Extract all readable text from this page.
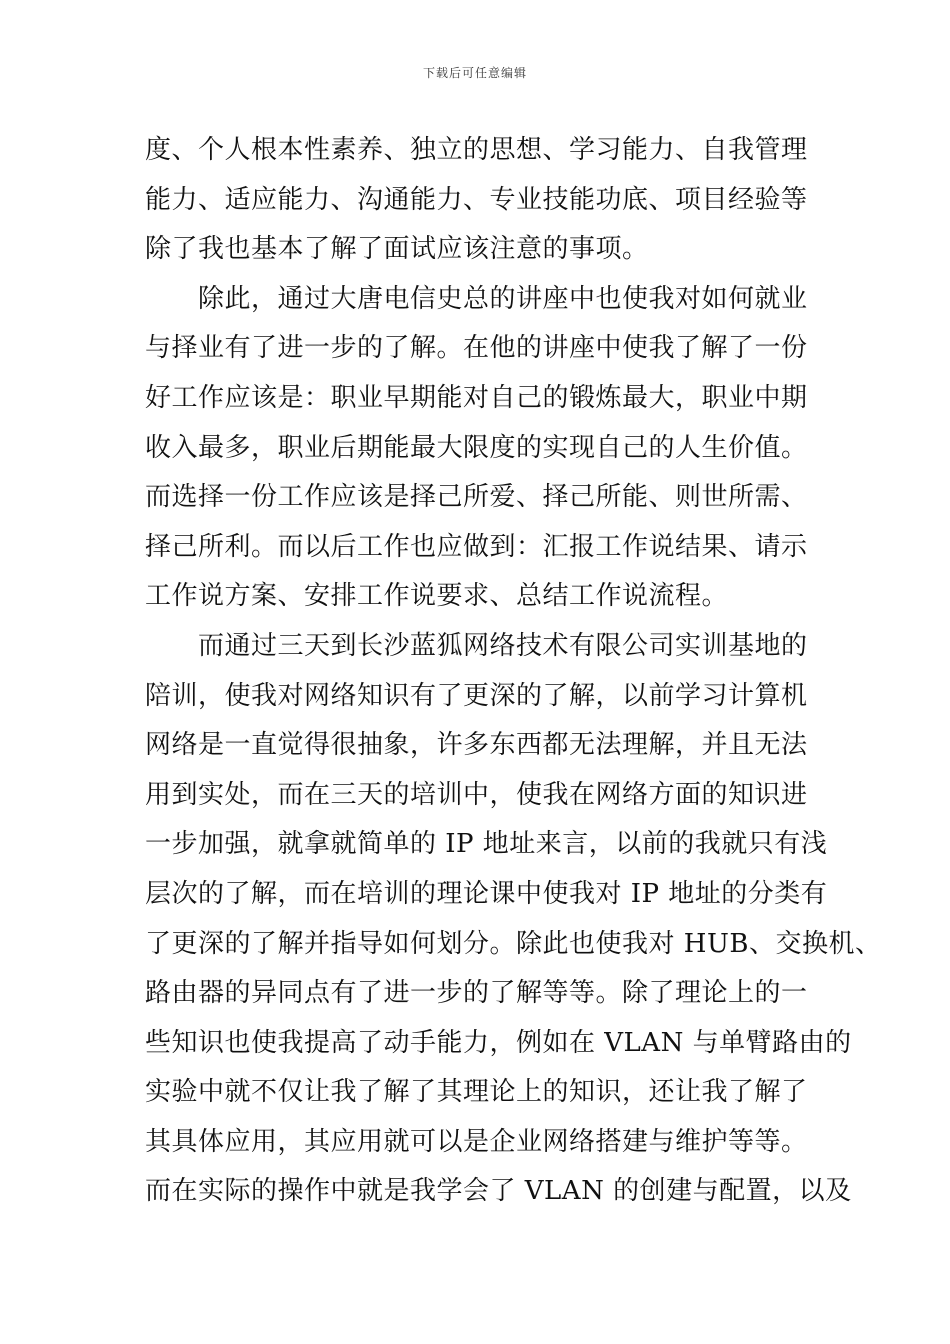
下载后可任意编辑
度、个人根本性素养、独立的思想、学习能力、自我管理
能力、适应能力、沟通能力、专业技能功底、项目经验等
除了我也基本了解了面试应该注意的事项。
　　除此，通过大唐电信史总的讲座中也使我对如何就业
与择业有了进一步的了解。在他的讲座中使我了解了一份
好工作应该是：职业早期能对自己的锻炼最大，职业中期
收入最多，职业后期能最大限度的实现自己的人生价值。
而选择一份工作应该是择己所爱、择己所能、则世所需、
择己所利。而以后工作也应做到：汇报工作说结果、请示
工作说方案、安排工作说要求、总结工作说流程。
　　而通过三天到长沙蓝狐网络技术有限公司实训基地的
陪训，使我对网络知识有了更深的了解，以前学习计算机
网络是一直觉得很抽象，许多东西都无法理解，并且无法
用到实处，而在三天的培训中，使我在网络方面的知识进
一步加强，就拿就简单的 IP 地址来言，以前的我就只有浅
层次的了解，而在培训的理论课中使我对 IP 地址的分类有
了更深的了解并指导如何划分。除此也使我对 HUB、交换机、
路由器的异同点有了进一步的了解等等。除了理论上的一
些知识也使我提高了动手能力，例如在 VLAN 与单臂路由的
实验中就不仅让我了解了其理论上的知识，还让我了解了
其具体应用，其应用就可以是企业网络搭建与维护等等。
而在实际的操作中就是我学会了 VLAN 的创建与配置，以及
